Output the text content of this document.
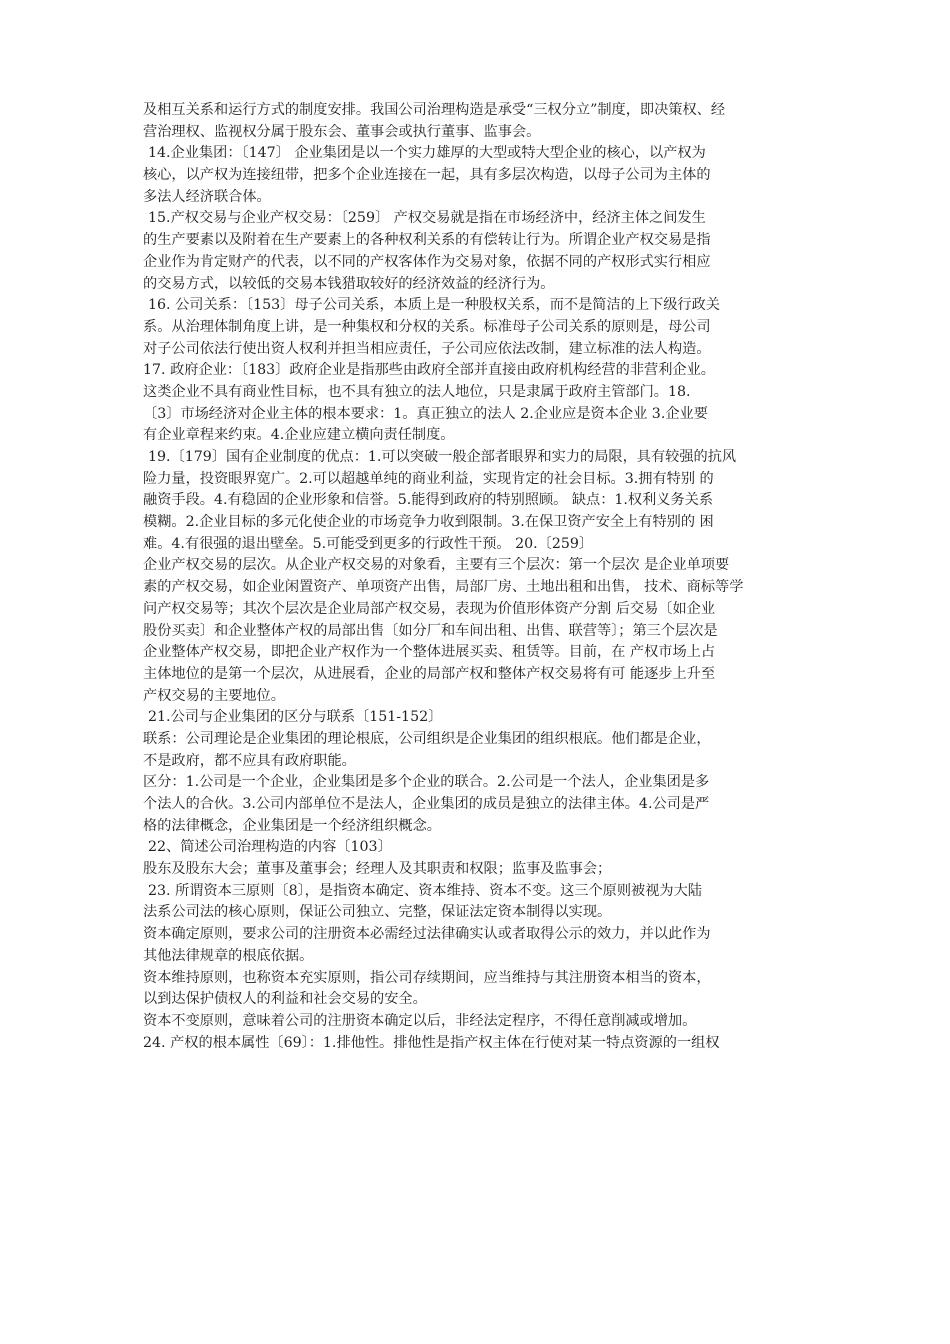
及相互关系和运行方式的制度安排。我国公司治理构造是承受“三权分立”制度，即决策权、经
营治理权、监视权分属于股东会、董事会或执行董事、监事会。
14.企业集团：〔147〕 企业集团是以一个实力雄厚的大型或特大型企业的核心，以产权为
核心，以产权为连接纽带，把多个企业连接在一起，具有多层次构造，以母子公司为主体的
多法人经济联合体。
15.产权交易与企业产权交易：〔259〕 产权交易就是指在市场经济中，经济主体之间发生
的生产要素以及附着在生产要素上的各种权利关系的有偿转让行为。所谓企业产权交易是指
企业作为肯定财产的代表，以不同的产权客体作为交易对象，依据不同的产权形式实行相应
的交易方式，以较低的交易本钱猎取较好的经济效益的经济行为。
16. 公司关系：〔153〕母子公司关系，本质上是一种股权关系，而不是简洁的上下级行政关
系。从治理体制角度上讲，是一种集权和分权的关系。标准母子公司关系的原则是，母公司
对子公司依法行使出资人权利并担当相应责任，子公司应依法改制，建立标准的法人构造。
17. 政府企业：〔183〕政府企业是指那些由政府全部并直接由政府机构经营的非营利企业。
这类企业不具有商业性目标，也不具有独立的法人地位，只是隶属于政府主管部门。18.
〔3〕市场经济对企业主体的根本要求：1。真正独立的法人 2.企业应是资本企业 3.企业要
有企业章程来约束。4.企业应建立横向责任制度。
19.〔179〕国有企业制度的优点：1.可以突破一般企部者眼界和实力的局限，具有较强的抗风
险力量，投资眼界宽广。2.可以超越单纯的商业利益，实现肯定的社会目标。3.拥有特别 的
融资手段。4.有稳固的企业形象和信誉。5.能得到政府的特别照顾。 缺点：1.权利义务关系
模糊。2.企业目标的多元化使企业的市场竞争力收到限制。3.在保卫资产安全上有特别的 困
难。4.有很强的退出壁垒。5.可能受到更多的行政性干预。 20.〔259〕
企业产权交易的层次。从企业产权交易的对象看，主要有三个层次：第一个层次 是企业单项要
素的产权交易，如企业闲置资产、单项资产出售，局部厂房、土地出租和出售， 技术、商标等学
问产权交易等；其次个层次是企业局部产权交易，表现为价值形体资产分割 后交易〔如企业
股份买卖〕和企业整体产权的局部出售〔如分厂和车间出租、出售、联营等〕；第三个层次是
企业整体产权交易，即把企业产权作为一个整体进展买卖、租赁等。目前，在 产权市场上占
主体地位的是第一个层次，从进展看，企业的局部产权和整体产权交易将有可 能逐步上升至
产权交易的主要地位。
21.公司与企业集团的区分与联系〔151-152〕
联系：公司理论是企业集团的理论根底，公司组织是企业集团的组织根底。他们都是企业，
不是政府，都不应具有政府职能。
区分：1.公司是一个企业，企业集团是多个企业的联合。2.公司是一个法人，企业集团是多
个法人的合伙。3.公司内部单位不是法人，企业集团的成员是独立的法律主体。4.公司是严
格的法律概念，企业集团是一个经济组织概念。
22、简述公司治理构造的内容〔103〕
股东及股东大会；董事及董事会；经理人及其职责和权限；监事及监事会；
23. 所谓资本三原则〔8〕，是指资本确定、资本维持、资本不变。这三个原则被视为大陆
法系公司法的核心原则，保证公司独立、完整，保证法定资本制得以实现。
资本确定原则，要求公司的注册资本必需经过法律确实认或者取得公示的效力，并以此作为
其他法律规章的根底依据。
资本维持原则，也称资本充实原则，指公司存续期间，应当维持与其注册资本相当的资本，
以到达保护债权人的利益和社会交易的安全。
资本不变原则，意味着公司的注册资本确定以后，非经法定程序，不得任意削减或增加。
24. 产权的根本属性〔69〕：1.排他性。排他性是指产权主体在行使对某一特点资源的一组权
